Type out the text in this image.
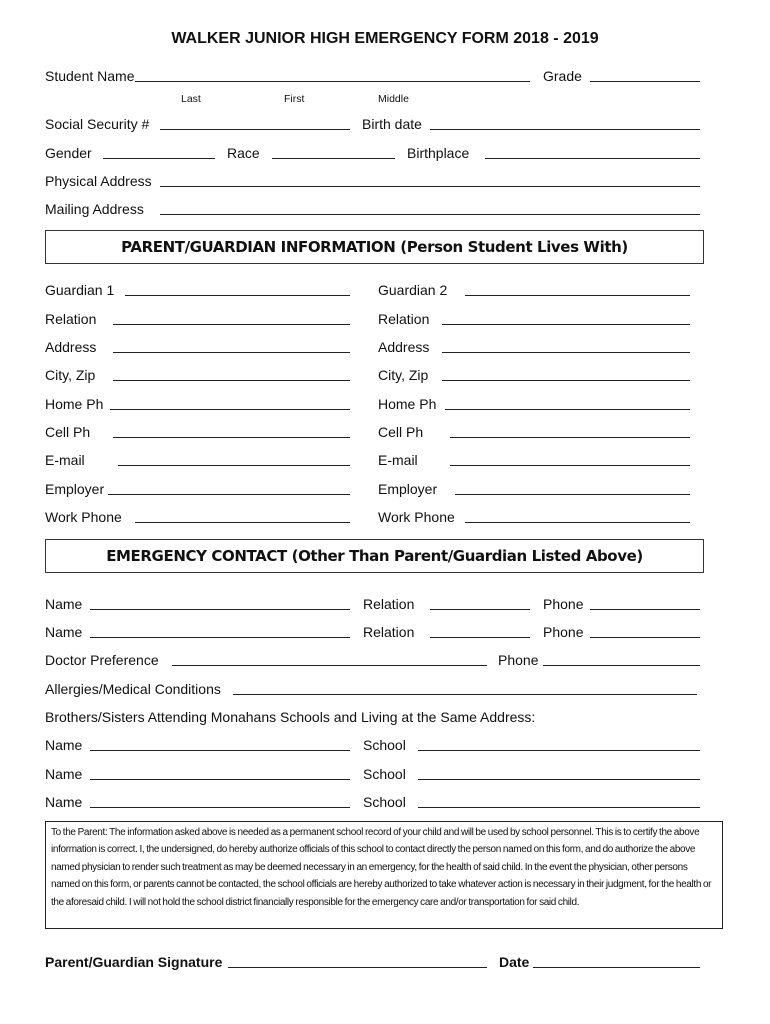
WALKER JUNIOR HIGH EMERGENCY FORM 2018 - 2019
PARENT/GUARDIAN INFORMATION (Person Student Lives With)
EMERGENCY CONTACT (Other Than Parent/Guardian Listed Above)
To the Parent: The information asked above is needed as a permanent school record of your child and will be used by school personnel. This is to certify the above information is correct. I, the undersigned, do hereby authorize officials of this school to contact directly the person named on this form, and do authorize the above named physician to render such treatment as may be deemed necessary in an emergency, for the health of said child. In the event the physician, other persons named on this form, or parents cannot be contacted, the school officials are hereby authorized to take whatever action is necessary in their judgment, for the health or the aforesaid child. I will not hold the school district financially responsible for the emergency care and/or transportation for said child.
Student Name	Grade
Last	First	Middle
Social Security #	Birth date
Gender	Race	Birthplace
Physical Address
Mailing Address
Name	Relation	Phone
Name	Relation	Phone
Doctor Preference	Phone
Allergies/Medical Conditions
Brothers/Sisters Attending Monahans Schools and Living at the Same Address:
Name	School
Name	School
Name	School
Parent/Guardian Signature	Date
Guardian 1	Guardian 2
Relation	Relation
Address	Address
City, Zip	City, Zip
Home Ph	Home Ph
Cell Ph	Cell Ph
E-mail	E-mail
Employer	Employer
Work Phone	Work Phone
